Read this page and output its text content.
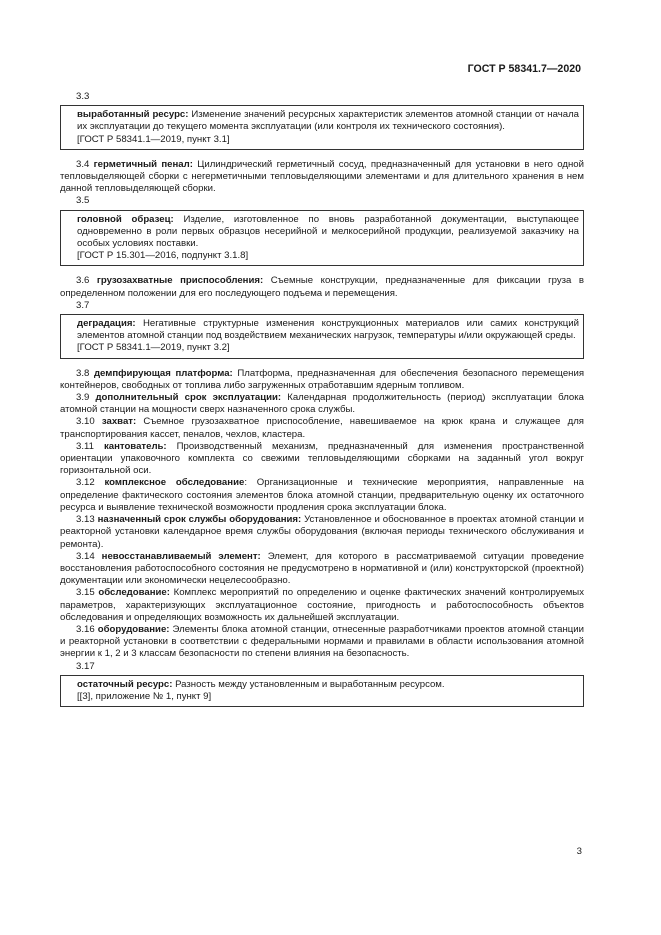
ГОСТ Р 58341.7—2020
3.3

выработанный ресурс: Изменение значений ресурсных характеристик элементов атомной станции от начала их эксплуатации до текущего момента эксплуатации (или контроля их технического состояния).

[ГОСТ Р 58341.1—2019, пункт 3.1]

3.4 герметичный пенал: Цилиндрический герметичный сосуд, предназначенный для установки в него одной тепловыделяющей сборки с негерметичными тепловыделяющими элементами и для длительного хранения в нем данной тепловыделяющей сборки.

3.5

головной образец: Изделие, изготовленное по вновь разработанной документации, выступающее одновременно в роли первых образцов несерийной и мелкосерийной продукции, реализуемой заказчику на особых условиях поставки.

[ГОСТ Р 15.301—2016, подпункт 3.1.8]

3.6 грузозахватные приспособления: Съемные конструкции, предназначенные для фиксации груза в определенном положении для его последующего подъема и перемещения.

3.7

деградация: Негативные структурные изменения конструкционных материалов или самих конструкций элементов атомной станции под воздействием механических нагрузок, температуры и/или окружающей среды.

[ГОСТ Р 58341.1—2019, пункт 3.2]

3.8 демпфирующая платформа: Платформа, предназначенная для обеспечения безопасного перемещения контейнеров, свободных от топлива либо загруженных отработавшим ядерным топливом.

3.9 дополнительный срок эксплуатации: Календарная продолжительность (период) эксплуатации блока атомной станции на мощности сверх назначенного срока службы.

3.10 захват: Съемное грузозахватное приспособление, навешиваемое на крюк крана и служащее для транспортирования кассет, пеналов, чехлов, кластера.

3.11 кантователь: Производственный механизм, предназначенный для изменения пространственной ориентации упаковочного комплекта со свежими тепловыделяющими сборками на заданный угол вокруг горизонтальной оси.

3.12 комплексное обследование: Организационные и технические мероприятия, направленные на определение фактического состояния элементов блока атомной станции, предварительную оценку их остаточного ресурса и выявление технической возможности продления срока эксплуатации блока.

3.13 назначенный срок службы оборудования: Установленное и обоснованное в проектах атомной станции и реакторной установки календарное время службы оборудования (включая периоды технического обслуживания и ремонта).

3.14 невосстанавливаемый элемент: Элемент, для которого в рассматриваемой ситуации проведение восстановления работоспособного состояния не предусмотрено в нормативной и (или) конструкторской (проектной) документации или экономически нецелесообразно.

3.15 обследование: Комплекс мероприятий по определению и оценке фактических значений контролируемых параметров, характеризующих эксплуатационное состояние, пригодность и работоспособность объектов обследования и определяющих возможность их дальнейшей эксплуатации.

3.16 оборудование: Элементы блока атомной станции, отнесенные разработчиками проектов атомной станции и реакторной установки в соответствии с федеральными нормами и правилами в области использования атомной энергии к 1, 2 и 3 классам безопасности по степени влияния на безопасность.

3.17

остаточный ресурс: Разность между установленным и выработанным ресурсом.

[[3], приложение № 1, пункт 9]

3
